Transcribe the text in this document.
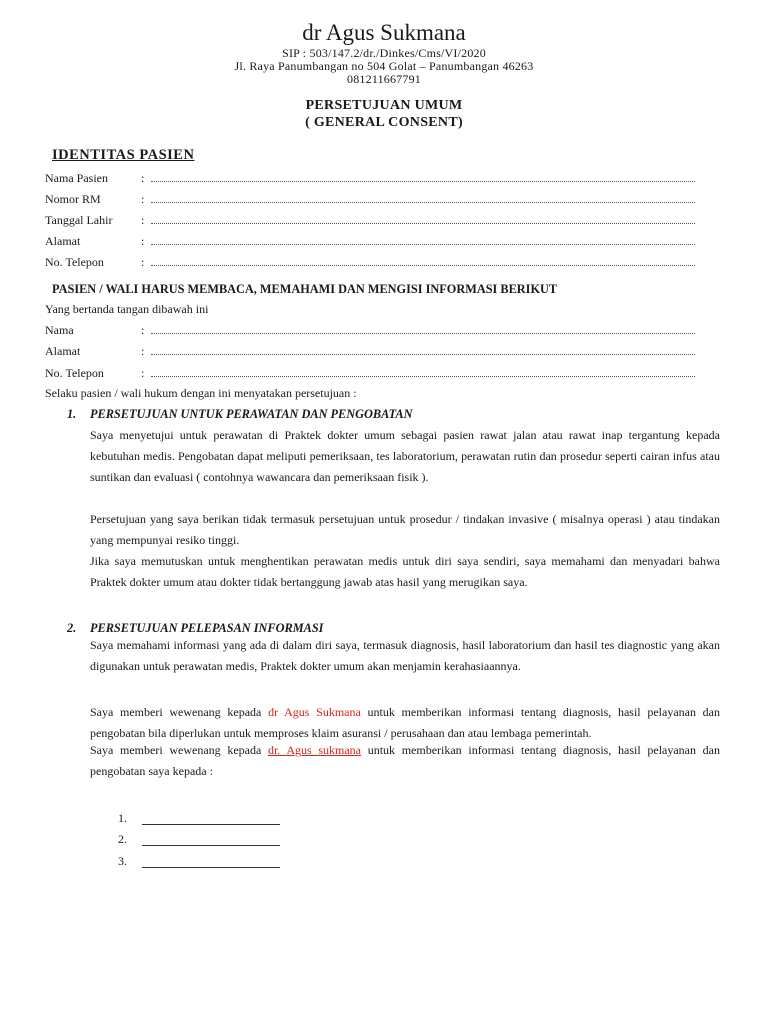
dr Agus Sukmana
SIP : 503/147.2/dr./Dinkes/Cms/VI/2020
Jl. Raya Panumbangan no 504 Golat – Panumbangan 46263
081211667791
PERSETUJUAN UMUM
( GENERAL CONSENT)
IDENTITAS PASIEN
Nama Pasien	:
Nomor RM	:
Tanggal Lahir :
Alamat	:
No. Telepon	:
PASIEN / WALI HARUS MEMBACA, MEMAHAMI DAN MENGISI INFORMASI BERIKUT
Yang bertanda tangan dibawah ini
Nama	:
Alamat	:
No. Telepon	:
Selaku pasien / wali hukum dengan ini menyatakan persetujuan :
1. PERSETUJUAN UNTUK PERAWATAN DAN PENGOBATAN
Saya menyetujui untuk perawatan di Praktek dokter umum sebagai pasien rawat jalan atau rawat inap tergantung kepada kebutuhan medis. Pengobatan dapat meliputi pemeriksaan, tes laboratorium, perawatan rutin dan prosedur seperti cairan infus atau suntikan dan evaluasi ( contohnya wawancara dan pemeriksaan fisik ).
Persetujuan yang saya berikan tidak termasuk persetujuan untuk prosedur / tindakan invasive ( misalnya operasi ) atau tindakan yang mempunyai resiko tinggi.
Jika saya memutuskan untuk menghentikan perawatan medis untuk diri saya sendiri, saya memahami dan menyadari bahwa Praktek dokter umum atau dokter tidak bertanggung jawab atas hasil yang merugikan saya.
2. PERSETUJUAN PELEPASAN INFORMASI
Saya memahami informasi yang ada di dalam diri saya, termasuk diagnosis, hasil laboratorium dan hasil tes diagnostic yang akan digunakan untuk perawatan medis, Praktek dokter umum akan menjamin kerahasiaannya.
Saya memberi wewenang kepada dr Agus Sukmana untuk memberikan informasi tentang diagnosis, hasil pelayanan dan pengobatan bila diperlukan untuk memproses klaim asuransi / perusahaan dan atau lembaga pemerintah.
Saya memberi wewenang kepada dr. Agus sukmana untuk memberikan informasi tentang diagnosis, hasil pelayanan dan pengobatan saya kepada :
1.
2.
3.
